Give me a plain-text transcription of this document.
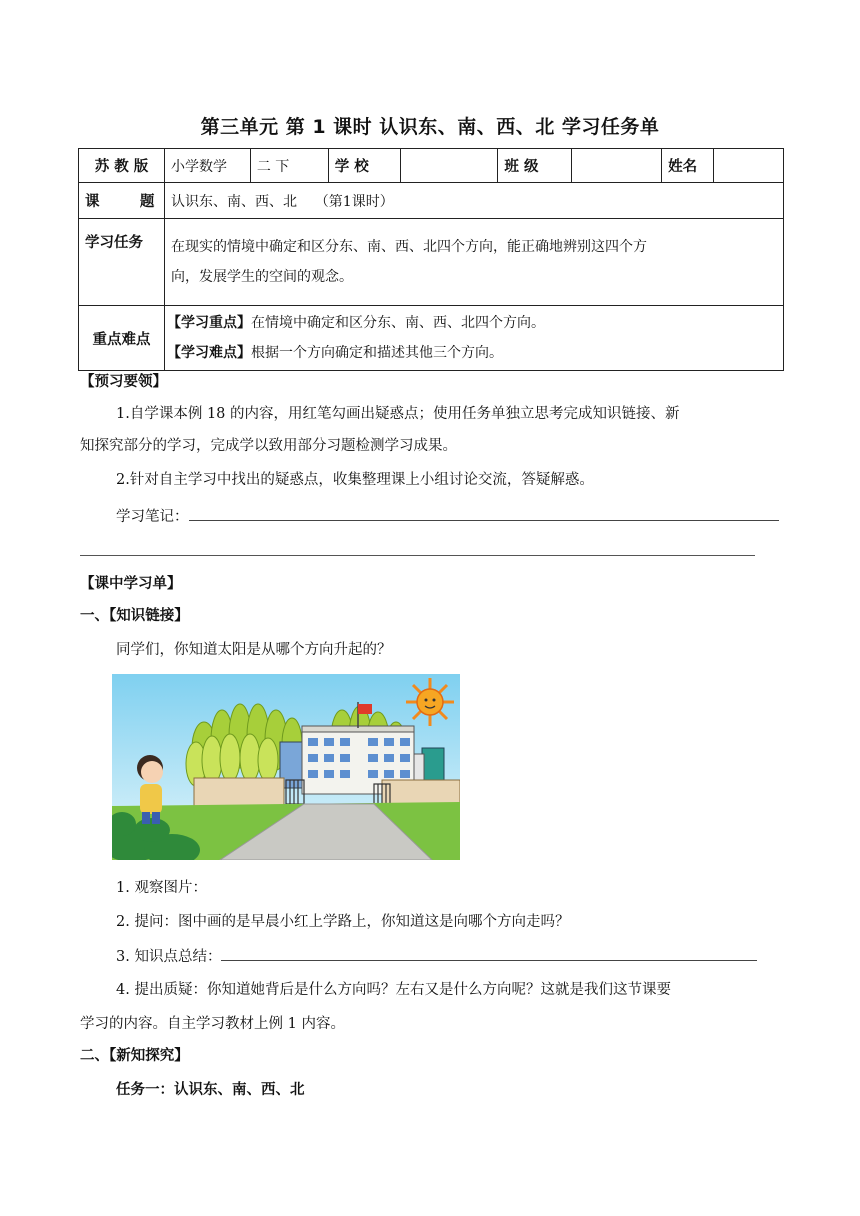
第三单元 第 1 课时 认识东、南、西、北 学习任务单
苏 教 版	小学数学	二 下	学 校		班 级		姓名	
课        题	认识东、南、西、北    （第1课时）							
学习任务	在现实的情境中确定和区分东、南、西、北四个方向，能正确地辨别这四个方
向，发展学生的空间的观念。							

重点难点	【学习重点】在情境中确定和区分东、南、西、北四个方向。
【学习难点】根据一个方向确定和描述其他三个方向。							
【预习要领】
1.自学课本例 18 的内容，用红笔勾画出疑惑点；使用任务单独立思考完成知识链接、新
知探究部分的学习，完成学以致用部分习题检测学习成果。
2.针对自主学习中找出的疑惑点，收集整理课上小组讨论交流，答疑解惑。
学习笔记：
【课中学习单】
一、【知识链接】
同学们，你知道太阳是从哪个方向升起的？
1. 观察图片：
2. 提问：图中画的是早晨小红上学路上，你知道这是向哪个方向走吗？
3. 知识点总结：
4. 提出质疑：你知道她背后是什么方向吗？左右又是什么方向呢？这就是我们这节课要
学习的内容。自主学习教材上例 1 内容。
二、【新知探究】
任务一：认识东、南、西、北
